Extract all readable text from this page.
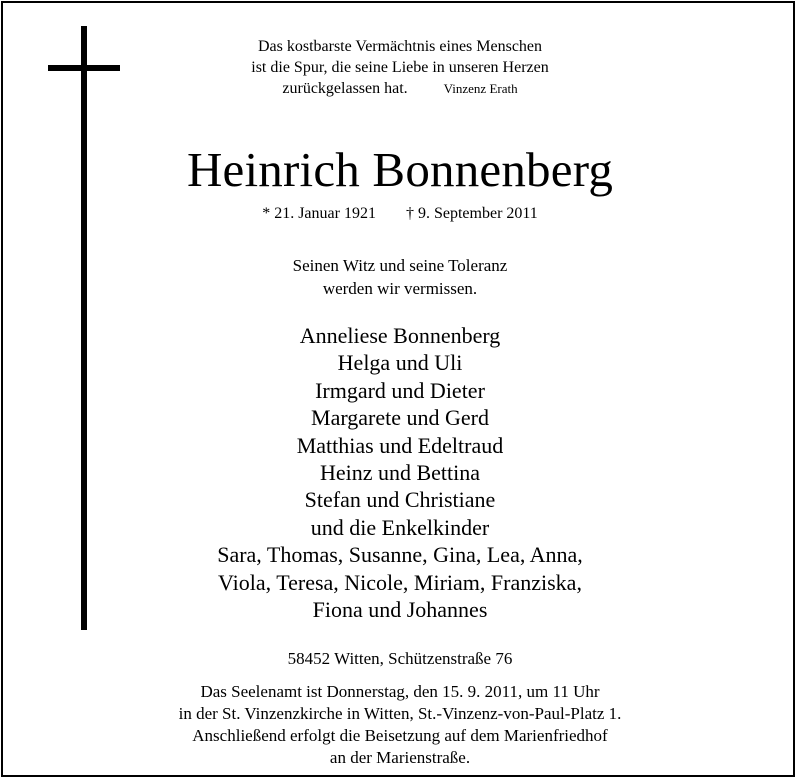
Das kostbarste Vermächtnis eines Menschen
ist die Spur, die seine Liebe in unseren Herzen
zurückgelassen hat.	Vinzenz Erath
Heinrich Bonnenberg
* 21. Januar 1921 † 9. September 2011
Seinen Witz und seine Toleranz
werden wir vermissen.
Anneliese Bonnenberg
Helga und Uli
Irmgard und Dieter
Margarete und Gerd
Matthias und Edeltraud
Heinz und Bettina
Stefan und Christiane
und die Enkelkinder
Sara, Thomas, Susanne, Gina, Lea, Anna,
Viola, Teresa, Nicole, Miriam, Franziska,
Fiona und Johannes
58452 Witten, Schützenstraße 76
Das Seelenamt ist Donnerstag, den 15. 9. 2011, um 11 Uhr
in der St. Vinzenzkirche in Witten, St.-Vinzenz-von-Paul-Platz 1.
Anschließend erfolgt die Beisetzung auf dem Marienfriedhof
an der Marienstraße.
